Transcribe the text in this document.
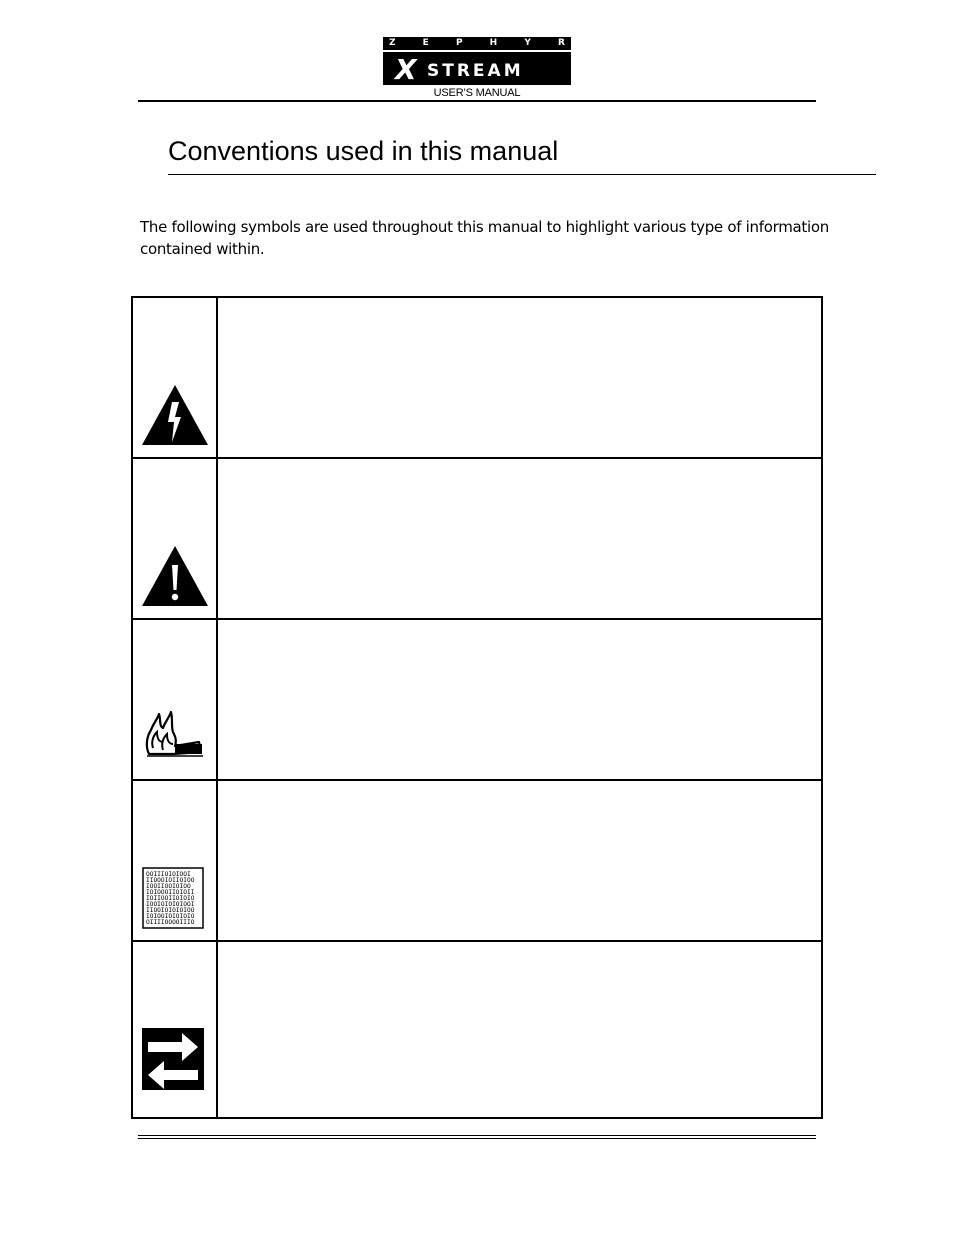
Z	E	P	H	Y	R
X STREAM
USER’S MANUAL
Conventions used in this manual

The following symbols are used throughout this manual to highlight various type of information contained within.

OOIIIOIOIOOI
IIOOOIOIIOIOO
IOOIIOOIOIOO
IOIOOOIIOIOII
IOIIOOIIOIOIO
IOOIOIOIOIOOI
IIOOIOIOIOIOO
IOIOOIOIOIOIO
OIIIIOOOOIIIO
